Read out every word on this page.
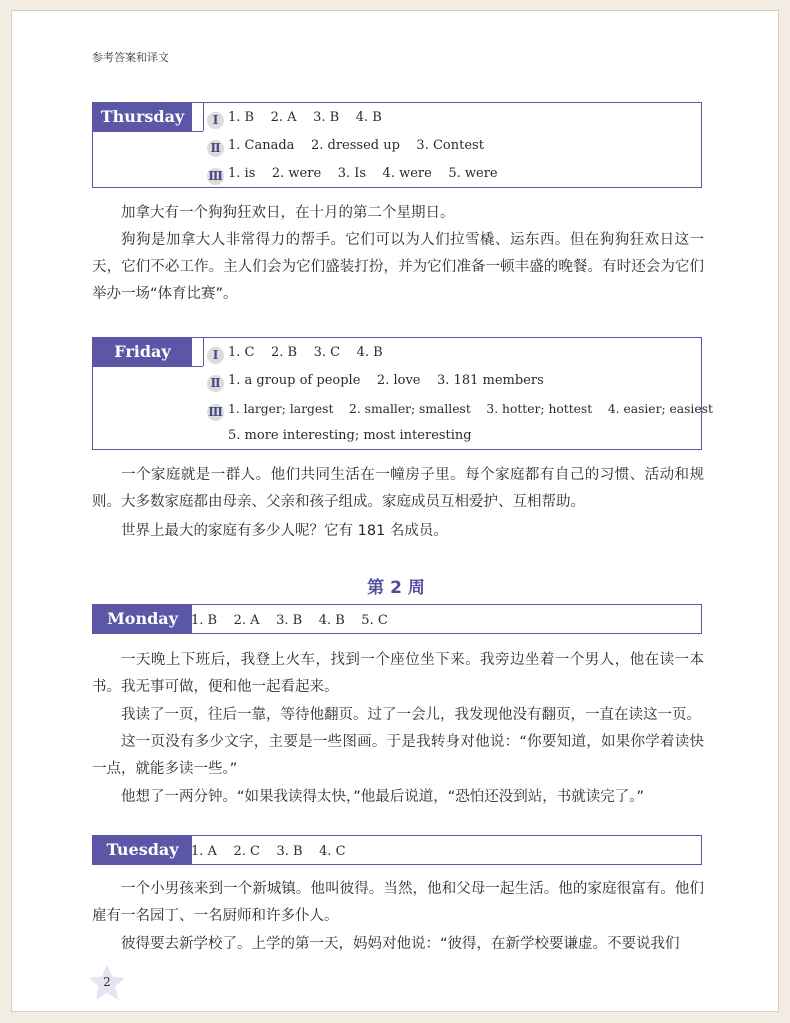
参考答案和译文
Thursday	Ⅰ 1. B    2. A    3. B    4. B
Ⅱ 1. Canada    2. dressed up    3. Contest
Ⅲ 1. is    2. were    3. Is    4. were    5. were
加拿大有一个狗狗狂欢日，在十月的第二个星期日。
狗狗是加拿大人非常得力的帮手。它们可以为人们拉雪橇、运东西。但在狗狗狂欢日这一天，它们不必工作。主人们会为它们盛装打扮，并为它们准备一顿丰盛的晚餐。有时还会为它们举办一场“体育比赛”。
Friday	Ⅰ 1. C    2. B    3. C    4. B
Ⅱ 1. a group of people    2. love    3. 181 members
Ⅲ 1. larger; largest    2. smaller; smallest    3. hotter; hottest    4. easier; easiest
5. more interesting; most interesting
一个家庭就是一群人。他们共同生活在一幢房子里。每个家庭都有自己的习惯、活动和规则。大多数家庭都由母亲、父亲和孩子组成。家庭成员互相爱护、互相帮助。
世界上最大的家庭有多少人呢？它有 181 名成员。
第 2 周
Monday	1. B    2. A    3. B    4. B    5. C
一天晚上下班后，我登上火车，找到一个座位坐下来。我旁边坐着一个男人，他在读一本书。我无事可做，便和他一起看起来。
我读了一页，往后一靠，等待他翻页。过了一会儿，我发现他没有翻页，一直在读这一页。
这一页没有多少文字，主要是一些图画。于是我转身对他说：“你要知道，如果你学着读快一点，就能多读一些。”
他想了一两分钟。“如果我读得太快，”他最后说道，“恐怕还没到站，书就读完了。”
Tuesday 1. A    2. C    3. B    4. C
一个小男孩来到一个新城镇。他叫彼得。当然，他和父母一起生活。他的家庭很富有。他们雇有一名园丁、一名厨师和许多仆人。
彼得要去新学校了。上学的第一天，妈妈对他说：“彼得，在新学校要谦虚。不要说我们
2
